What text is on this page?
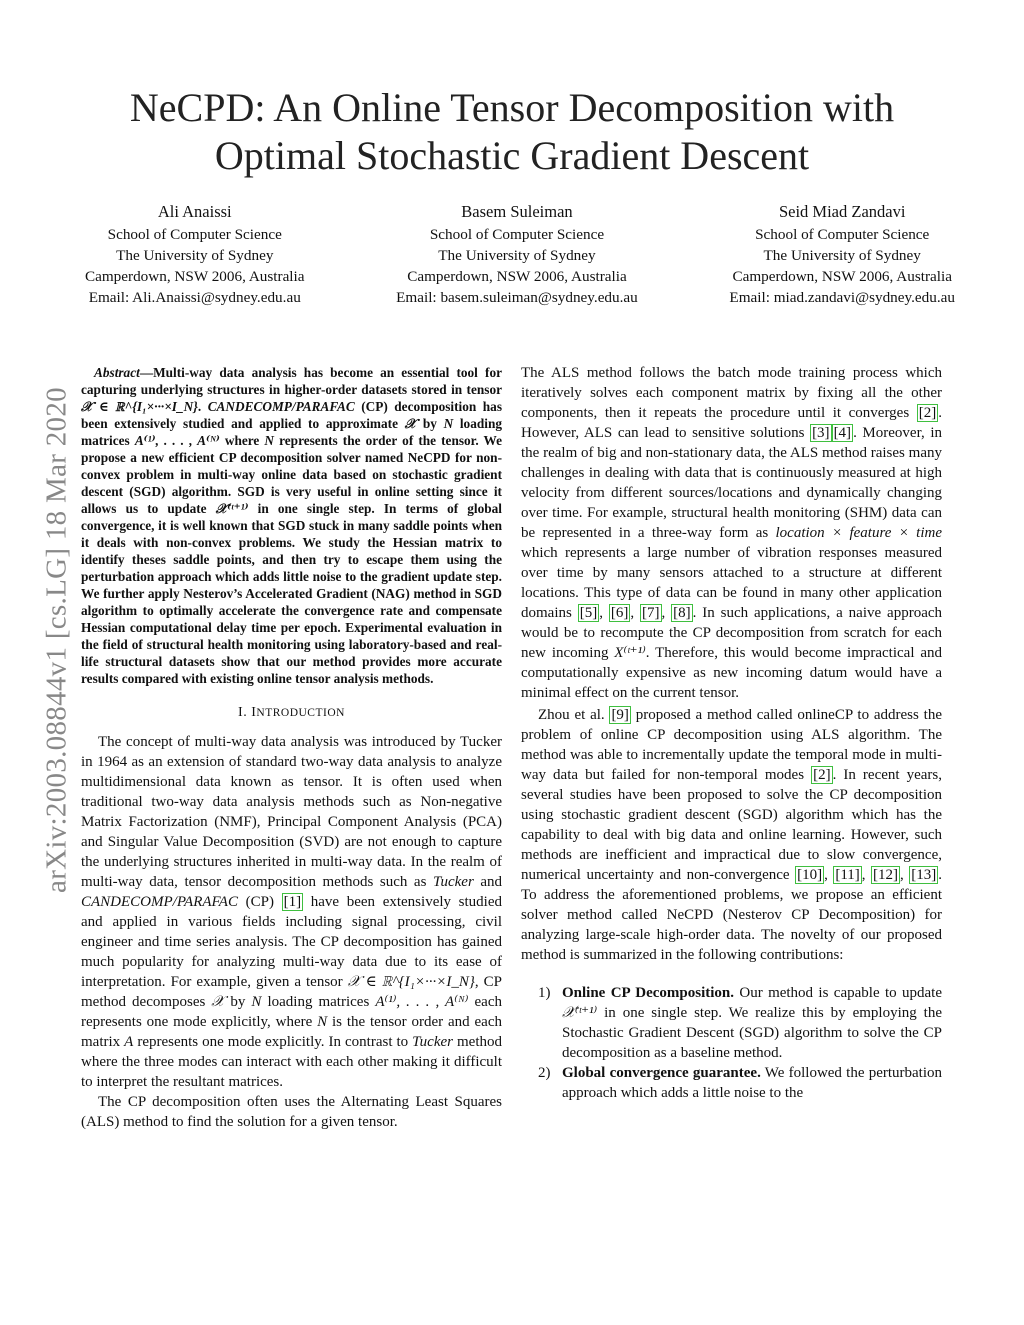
NeCPD: An Online Tensor Decomposition with
Optimal Stochastic Gradient Descent
Ali Anaissi
School of Computer Science
The University of Sydney
Camperdown, NSW 2006, Australia
Email: Ali.Anaissi@sydney.edu.au
Basem Suleiman
School of Computer Science
The University of Sydney
Camperdown, NSW 2006, Australia
Email: basem.suleiman@sydney.edu.au
Seid Miad Zandavi
School of Computer Science
The University of Sydney
Camperdown, NSW 2006, Australia
Email: miad.zandavi@sydney.edu.au
arXiv:2003.08844v1 [cs.LG] 18 Mar 2020

Abstract—Multi-way data analysis has become an essential tool for capturing underlying structures in higher-order datasets stored in tensor 𝒳 ∈ ℝ^{I₁×···×I_N}. CANDECOMP/PARAFAC (CP) decomposition has been extensively studied and applied to approximate 𝒳 by N loading matrices A⁽¹⁾, . . . , A⁽ᴺ⁾ where N represents the order of the tensor. We propose a new efficient CP decomposition solver named NeCPD for non-convex problem in multi-way online data based on stochastic gradient descent (SGD) algorithm. SGD is very useful in online setting since it allows us to update 𝒳⁽ᵗ⁺¹⁾ in one single step. In terms of global convergence, it is well known that SGD stuck in many saddle points when it deals with non-convex problems. We study the Hessian matrix to identify theses saddle points, and then try to escape them using the perturbation approach which adds little noise to the gradient update step. We further apply Nesterov’s Accelerated Gradient (NAG) method in SGD algorithm to optimally accelerate the convergence rate and compensate Hessian computational delay time per epoch. Experimental evaluation in the field of structural health monitoring using laboratory-based and real-life structural datasets show that our method provides more accurate results compared with existing online tensor analysis methods.

I. INTRODUCTION

The concept of multi-way data analysis was introduced by Tucker in 1964 as an extension of standard two-way data analysis to analyze multidimensional data known as tensor. It is often used when traditional two-way data analysis methods such as Non-negative Matrix Factorization (NMF), Principal Component Analysis (PCA) and Singular Value Decomposition (SVD) are not enough to capture the underlying structures inherited in multi-way data. In the realm of multi-way data, tensor decomposition methods such as Tucker and CANDECOMP/PARAFAC (CP) [1] have been extensively studied and applied in various fields including signal processing, civil engineer and time series analysis. The CP decomposition has gained much popularity for analyzing multi-way data due to its ease of interpretation. For example, given a tensor 𝒳 ∈ ℝ^{I₁×···×I_N}, CP method decomposes 𝒳 by N loading matrices A⁽¹⁾, . . . , A⁽ᴺ⁾ each represents one mode explicitly, where N is the tensor order and each matrix A represents one mode explicitly. In contrast to Tucker method where the three modes can interact with each other making it difficult to interpret the resultant matrices.

The CP decomposition often uses the Alternating Least Squares (ALS) method to find the solution for a given tensor.

The ALS method follows the batch mode training process which iteratively solves each component matrix by fixing all the other components, then it repeats the procedure until it converges [2] . However, ALS can lead to sensitive solutions [3] [4] . Moreover, in the realm of big and non-stationary data, the ALS method raises many challenges in dealing with data that is continuously measured at high velocity from different sources/locations and dynamically changing over time. For example, structural health monitoring (SHM) data can be represented in a three-way form as location × feature × time which represents a large number of vibration responses measured over time by many sensors attached to a structure at different locations. This type of data can be found in many other application domains [5] , [6] , [7] , [8] . In such applications, a naive approach would be to recompute the CP decomposition from scratch for each new incoming X⁽ᵗ⁺¹⁾. Therefore, this would become impractical and computationally expensive as new incoming datum would have a minimal effect on the current tensor.

Zhou et al. [9] proposed a method called onlineCP to address the problem of online CP decomposition using ALS algorithm. The method was able to incrementally update the temporal mode in multi-way data but failed for non-temporal modes [2] . In recent years, several studies have been proposed to solve the CP decomposition using stochastic gradient descent (SGD) algorithm which has the capability to deal with big data and online learning. However, such methods are inefficient and impractical due to slow convergence, numerical uncertainty and non-convergence [10] , [11] , [12] , [13] . To address the aforementioned problems, we propose an efficient solver method called NeCPD (Nesterov CP Decomposition) for analyzing large-scale high-order data. The novelty of our proposed method is summarized in the following contributions:

1) Online CP Decomposition. Our method is capable to update 𝒳⁽ᵗ⁺¹⁾ in one single step. We realize this by employing the Stochastic Gradient Descent (SGD) algorithm to solve the CP decomposition as a baseline method.
2) Global convergence guarantee. We followed the perturbation approach which adds a little noise to the
